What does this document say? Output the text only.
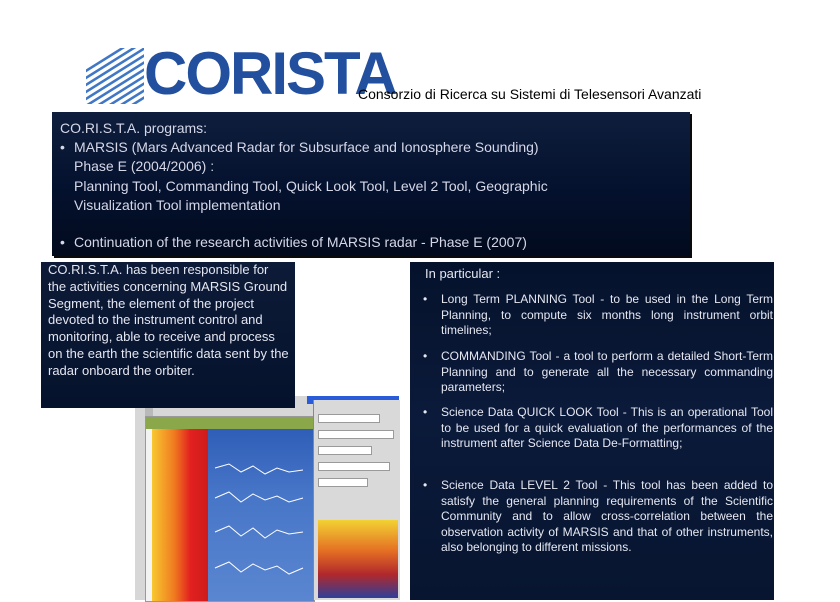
CORISTA
Consorzio di Ricerca su Sistemi di Telesensori Avanzati
CO.RI.S.T.A. programs:
• MARSIS (Mars Advanced Radar for Subsurface and Ionosphere Sounding)
Phase E (2004/2006) :
Planning Tool, Commanding Tool, Quick Look Tool, Level 2 Tool, Geographic
Visualization Tool implementation
• Continuation of the research activities of MARSIS radar - Phase E (2007)
CO.RI.S.T.A. has been responsible for the activities concerning MARSIS Ground Segment, the element of the project devoted to the instrument control and monitoring, able to receive and process on the earth the scientific data sent by the radar onboard the orbiter.
In particular :
• Long Term PLANNING Tool - to be used in the Long Term Planning, to compute six months long instrument orbit timelines;
• COMMANDING Tool - a tool to perform a detailed Short-Term Planning and to generate all the necessary commanding parameters;
• Science Data QUICK LOOK Tool - This is an operational Tool to be used for a quick evaluation of the performances of the instrument after Science Data De-Formatting;
• Science Data LEVEL 2 Tool - This tool has been added to satisfy the general planning requirements of the Scientific Community and to allow cross-correlation between the observation activity of MARSIS and that of other instruments, also belonging to different missions.
